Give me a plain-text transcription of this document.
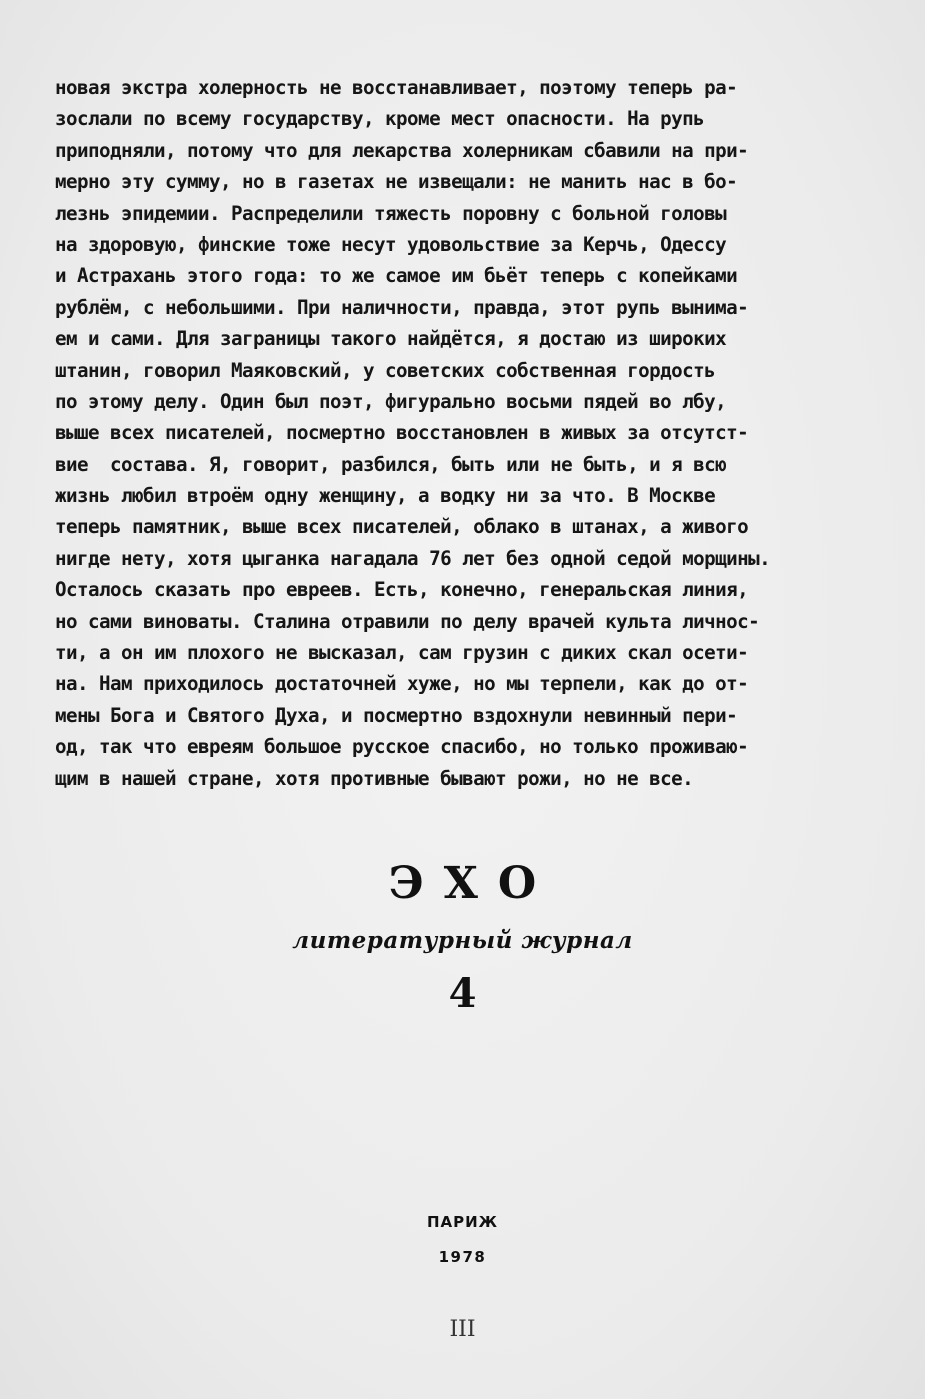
новая экстра холерность не восстанавливает, поэтому теперь ра-
зослали по всему государству, кроме мест опасности. На рупь
приподняли, потому что для лекарства холерникам сбавили на при-
мерно эту сумму, но в газетах не извещали: не манить нас в бо-
лезнь эпидемии. Распределили тяжесть поровну с больной головы
на здоровую, финские тоже несут удовольствие за Керчь, Одессу
и Астрахань этого года: то же самое им бьёт теперь с копейками
рублём, с небольшими. При наличности, правда, этот рупь вынима-
ем и сами. Для заграницы такого найдётся, я достаю из широких
штанин, говорил Маяковский, у советских собственная гордость
по этому делу. Один был поэт, фигурально восьми пядей во лбу,
выше всех писателей, посмертно восстановлен в живых за отсутст-
вие  состава. Я, говорит, разбился, быть или не быть, и я всю
жизнь любил втроём одну женщину, а водку ни за что. В Москве
теперь памятник, выше всех писателей, облако в штанах, а живого
нигде нету, хотя цыганка нагадала 76 лет без одной седой морщины.
Осталось сказать про евреев. Есть, конечно, генеральская линия,
но сами виноваты. Сталина отравили по делу врачей культа личнос-
ти, а он им плохого не высказал, сам грузин с диких скал осети-
на. Нам приходилось достаточней хуже, но мы терпели, как до от-
мены Бога и Святого Духа, и посмертно вздохнули невинный пери-
од, так что евреям большое русское спасибо, но только проживаю-
щим в нашей стране, хотя противные бывают рожи, но не все.
ЭХО
литературный журнал
4
ПАРИЖ
1978
III
